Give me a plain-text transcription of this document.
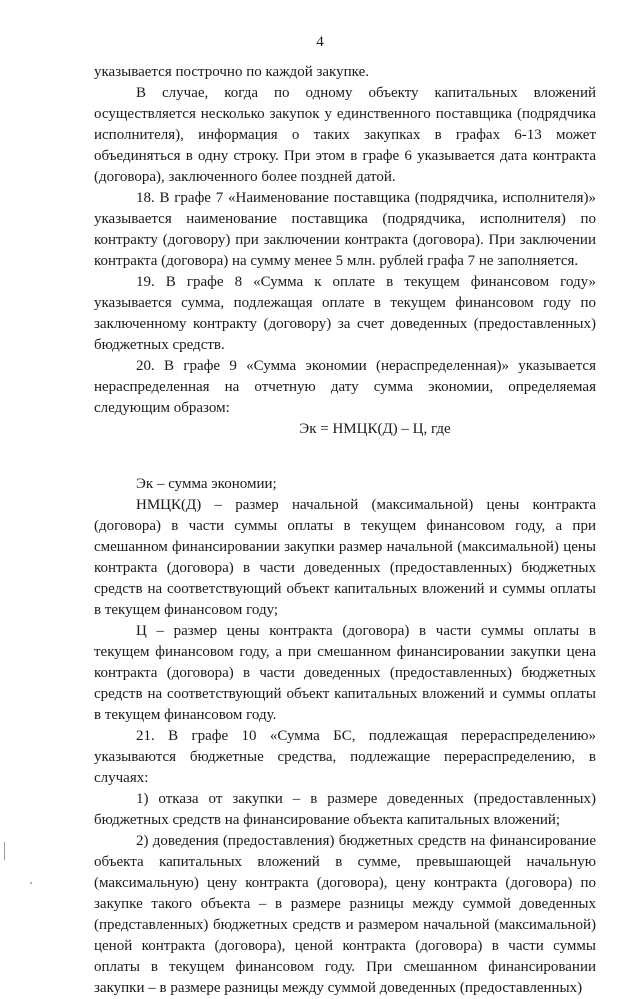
4

указывается построчно по каждой закупке.

В случае, когда по одному объекту капитальных вложений осуществляется несколько закупок у единственного поставщика (подрядчика исполнителя), информация о таких закупках в графах 6-13 может объединяться в одну строку. При этом в графе 6 указывается дата контракта (договора), заключенного более поздней датой.

18. В графе 7 «Наименование поставщика (подрядчика, исполнителя)» указывается наименование поставщика (подрядчика, исполнителя) по контракту (договору) при заключении контракта (договора). При заключении контракта (договора) на сумму менее 5 млн. рублей графа 7 не заполняется.

19. В графе 8 «Сумма к оплате в текущем финансовом году» указывается сумма, подлежащая оплате в текущем финансовом году по заключенному контракту (договору) за счет доведенных (предоставленных) бюджетных средств.

20. В графе 9 «Сумма экономии (нераспределенная)» указывается нераспределенная на отчетную дату сумма экономии, определяемая следующим образом:

Эк = НМЦК(Д) – Ц, где

Эк – сумма экономии;

НМЦК(Д) – размер начальной (максимальной) цены контракта (договора) в части суммы оплаты в текущем финансовом году, а при смешанном финансировании закупки размер начальной (максимальной) цены контракта (договора) в части доведенных (предоставленных) бюджетных средств на соответствующий объект капитальных вложений и суммы оплаты в текущем финансовом году;

Ц – размер цены контракта (договора) в части суммы оплаты в текущем финансовом году, а при смешанном финансировании закупки цена контракта (договора) в части доведенных (предоставленных) бюджетных средств на соответствующий объект капитальных вложений и суммы оплаты в текущем финансовом году.

21. В графе 10 «Сумма БС, подлежащая перераспределению» указываются бюджетные средства, подлежащие перераспределению, в случаях:

1) отказа от закупки – в размере доведенных (предоставленных) бюджетных средств на финансирование объекта капитальных вложений;

2) доведения (предоставления) бюджетных средств на финансирование объекта капитальных вложений в сумме, превышающей начальную (максимальную) цену контракта (договора), цену контракта (договора) по закупке такого объекта – в размере разницы между суммой доведенных (представленных) бюджетных средств и размером начальной (максимальной) ценой контракта (договора), ценой контракта (договора) в части суммы оплаты в текущем финансовом году. При смешанном финансировании закупки – в размере разницы между суммой доведенных (предоставленных)
